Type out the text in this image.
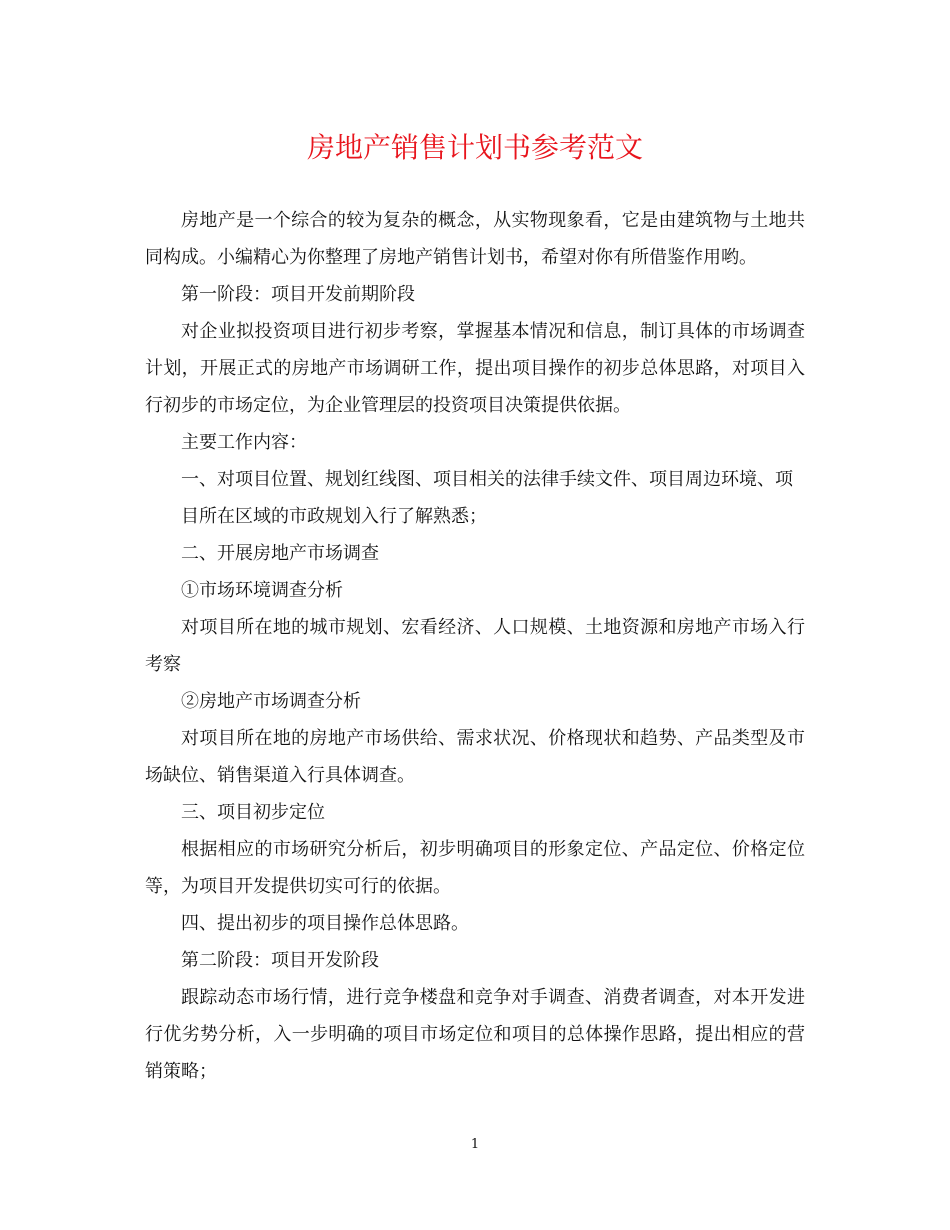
房地产销售计划书参考范文

房地产是一个综合的较为复杂的概念，从实物现象看，它是由建筑物与土地共同构成。小编精心为你整理了房地产销售计划书，希望对你有所借鉴作用哟。

第一阶段：项目开发前期阶段

对企业拟投资项目进行初步考察，掌握基本情况和信息，制订具体的市场调查计划，开展正式的房地产市场调研工作，提出项目操作的初步总体思路，对项目入行初步的市场定位，为企业管理层的投资项目决策提供依据。

主要工作内容：

一、对项目位置、规划红线图、项目相关的法律手续文件、项目周边环境、项

目所在区域的市政规划入行了解熟悉；

二、开展房地产市场调查

①市场环境调查分析

对项目所在地的城市规划、宏看经济、人口规模、土地资源和房地产市场入行考察

②房地产市场调查分析

对项目所在地的房地产市场供给、需求状况、价格现状和趋势、产品类型及市场缺位、销售渠道入行具体调查。

三、项目初步定位

根据相应的市场研究分析后，初步明确项目的形象定位、产品定位、价格定位等，为项目开发提供切实可行的依据。

四、提出初步的项目操作总体思路。

第二阶段：项目开发阶段

跟踪动态市场行情，进行竞争楼盘和竞争对手调查、消费者调查，对本开发进行优劣势分析，入一步明确的项目市场定位和项目的总体操作思路，提出相应的营销策略；

1
